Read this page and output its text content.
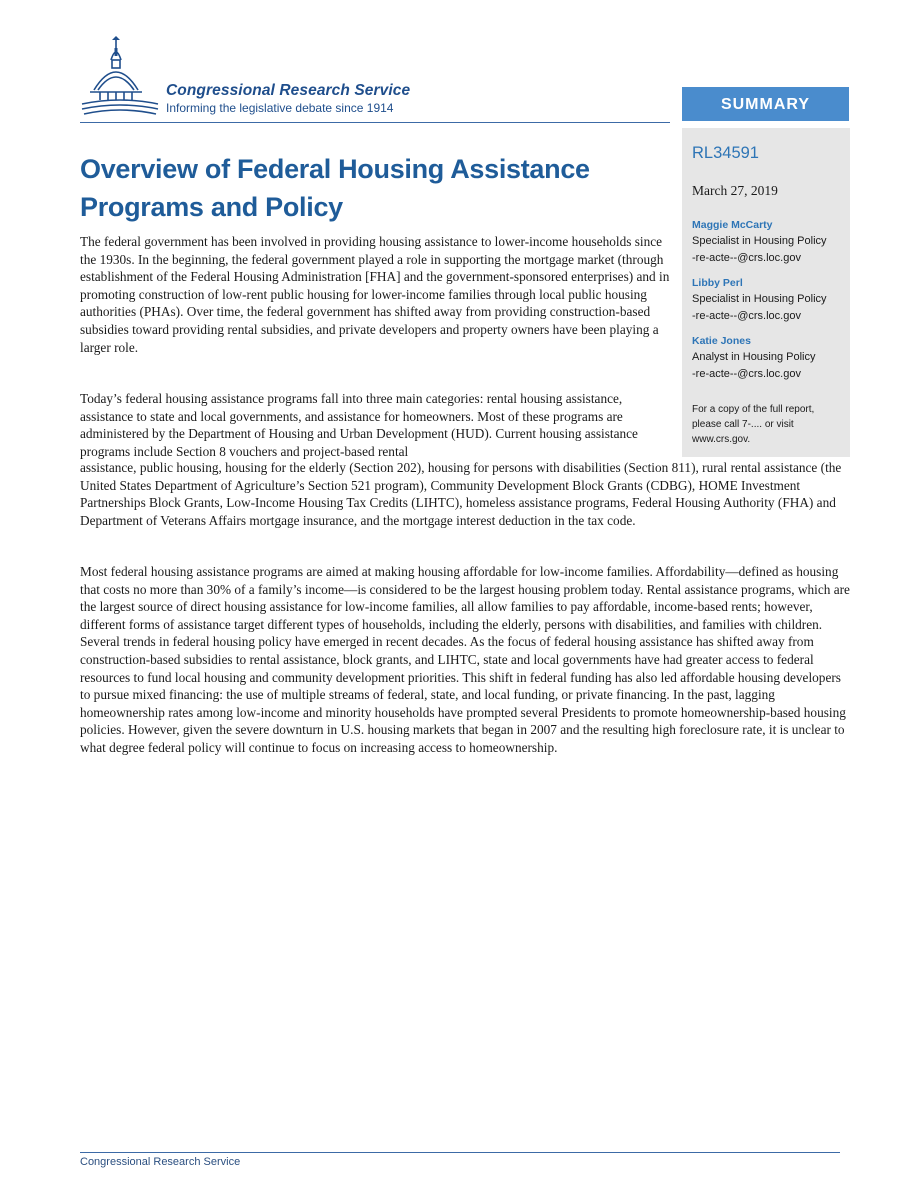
Congressional Research Service
Informing the legislative debate since 1914	SUMMARY
RL34591
March 27, 2019
Maggie McCarty
Specialist in Housing Policy
-re-acte--@crs.loc.gov
Libby Perl
Specialist in Housing Policy
-re-acte--@crs.loc.gov
Katie Jones
Analyst in Housing Policy
-re-acte--@crs.loc.gov
For a copy of the full report,
please call 7-.... or visit
www.crs.gov.
Overview of Federal Housing Assistance
Programs and Policy

The federal government has been involved in providing housing assistance to lower-income households since the 1930s. In the beginning, the federal government played a role in supporting the mortgage market (through establishment of the Federal Housing Administration [FHA] and the government-sponsored enterprises) and in promoting construction of low-rent public housing for lower-income families through local public housing authorities (PHAs). Over time, the federal government has shifted away from providing construction-based subsidies toward providing rental subsidies, and private developers and property owners have been playing a larger role.

Today’s federal housing assistance programs fall into three main categories: rental housing assistance, assistance to state and local governments, and assistance for homeowners. Most of these programs are administered by the Department of Housing and Urban Development (HUD). Current housing assistance programs include Section 8 vouchers and project-based rental

assistance, public housing, housing for the elderly (Section 202), housing for persons with disabilities (Section 811), rural rental assistance (the United States Department of Agriculture’s Section 521 program), Community Development Block Grants (CDBG), HOME Investment Partnerships Block Grants, Low-Income Housing Tax Credits (LIHTC), homeless assistance programs, Federal Housing Authority (FHA) and Department of Veterans Affairs mortgage insurance, and the mortgage interest deduction in the tax code.

Most federal housing assistance programs are aimed at making housing affordable for low-income families. Affordability—defined as housing that costs no more than 30% of a family’s income—is considered to be the largest housing problem today. Rental assistance programs, which are the largest source of direct housing assistance for low-income families, all allow families to pay affordable, income-based rents; however, different forms of assistance target different types of households, including the elderly, persons with disabilities, and families with children. Several trends in federal housing policy have emerged in recent decades. As the focus of federal housing assistance has shifted away from construction-based subsidies to rental assistance, block grants, and LIHTC, state and local governments have had greater access to federal resources to fund local housing and community development priorities. This shift in federal funding has also led affordable housing developers to pursue mixed financing: the use of multiple streams of federal, state, and local funding, or private financing. In the past, lagging homeownership rates among low-income and minority households have prompted several Presidents to promote homeownership-based housing policies. However, given the severe downturn in U.S. housing markets that began in 2007 and the resulting high foreclosure rate, it is unclear to what degree federal policy will continue to focus on increasing access to homeownership.

Congressional Research Service
